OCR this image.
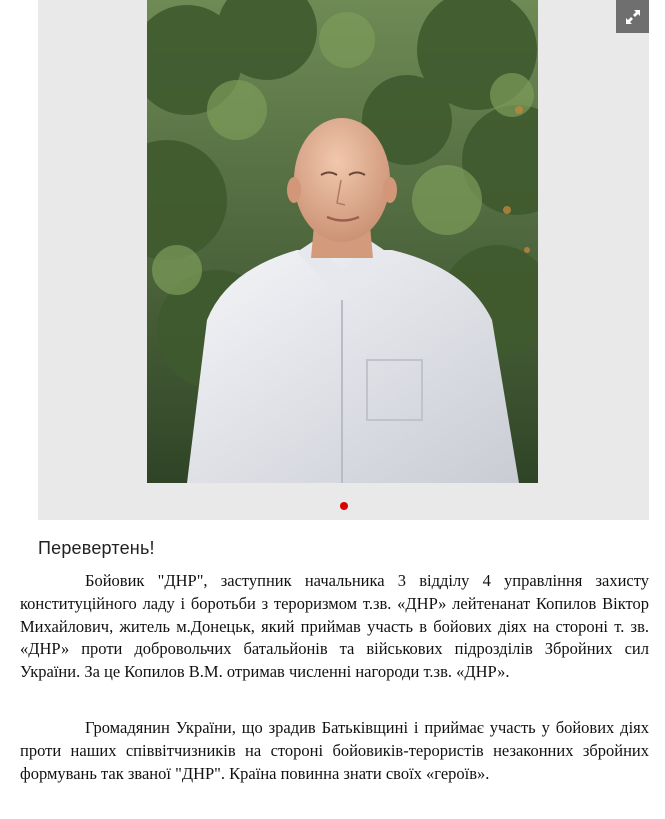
Перевертень!

Бойовик "ДНР", заступник начальника 3 відділу 4 управління захисту конституційного ладу і боротьби з тероризмом т.зв. «ДНР» лейтенанат Копилов Віктор Михайлович, житель м.Донецьк, який приймав участь в бойових діях на стороні т. зв. «ДНР» проти добровольчих батальйонів та військових підрозділів Збройних сил України. За це Копилов В.М. отримав численні нагороди т.зв. «ДНР».

Громадянин України, що зрадив Батьківщині і приймає участь у бойових діях проти наших співвітчизників на стороні бойовиків-терористів незаконних збройних формувань так званої "ДНР". Країна повинна знати своїх «героїв».
